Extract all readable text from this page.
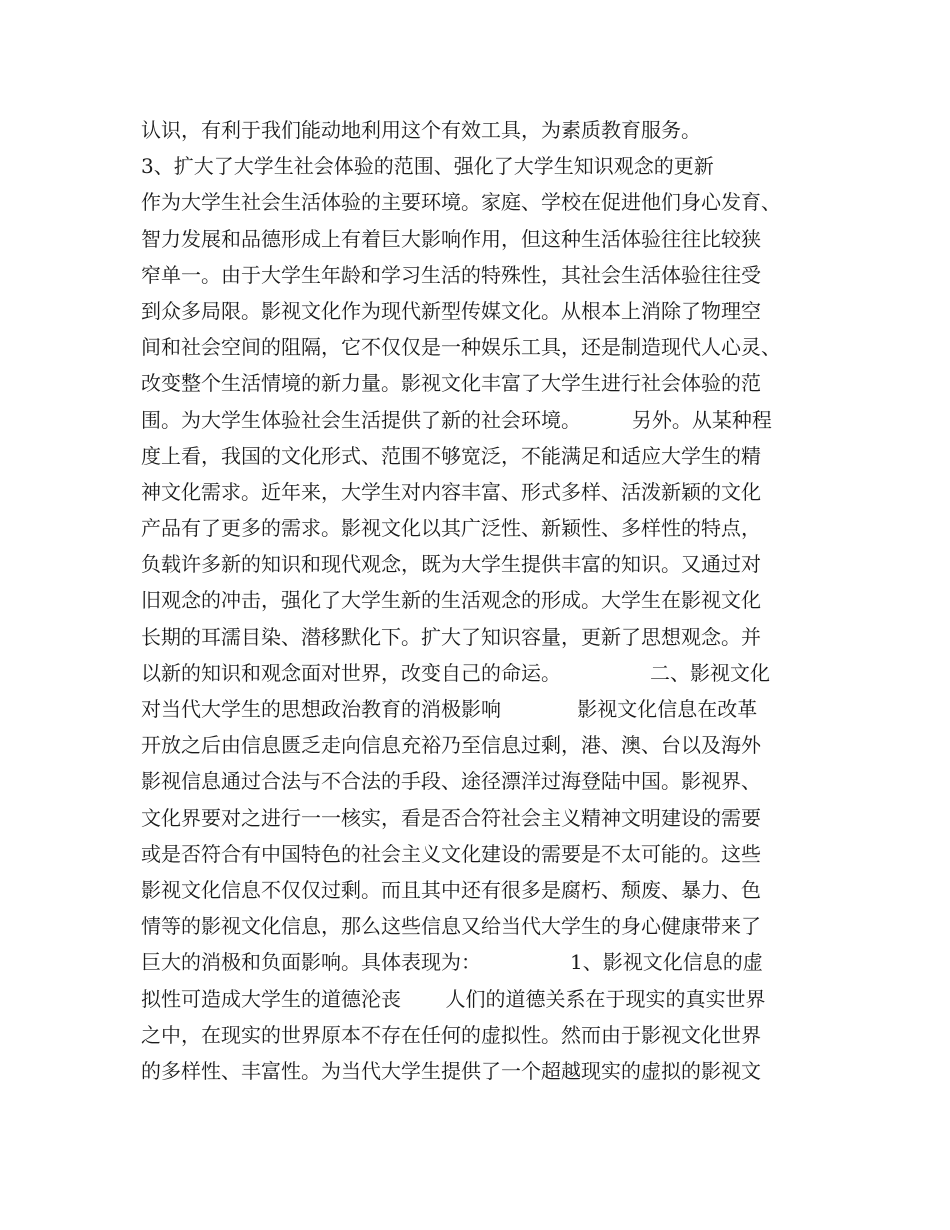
认识，有利于我们能动地利用这个有效工具，为素质教育服务。
3、扩大了大学生社会体验的范围、强化了大学生知识观念的更新
作为大学生社会生活体验的主要环境。家庭、学校在促进他们身心发育、
智力发展和品德形成上有着巨大影响作用，但这种生活体验往往比较狭
窄单一。由于大学生年龄和学习生活的特殊性，其社会生活体验往往受
到众多局限。影视文化作为现代新型传媒文化。从根本上消除了物理空
间和社会空间的阻隔，它不仅仅是一种娱乐工具，还是制造现代人心灵、
改变整个生活情境的新力量。影视文化丰富了大学生进行社会体验的范
围。为大学生体验社会生活提供了新的社会环境。        另外。从某种程
度上看，我国的文化形式、范围不够宽泛，不能满足和适应大学生的精
神文化需求。近年来，大学生对内容丰富、形式多样、活泼新颖的文化
产品有了更多的需求。影视文化以其广泛性、新颖性、多样性的特点，
负载许多新的知识和现代观念，既为大学生提供丰富的知识。又通过对
旧观念的冲击，强化了大学生新的生活观念的形成。大学生在影视文化
长期的耳濡目染、潜移默化下。扩大了知识容量，更新了思想观念。并
以新的知识和观念面对世界，改变自己的命运。              二、影视文化
对当代大学生的思想政治教育的消极影响            影视文化信息在改革
开放之后由信息匮乏走向信息充裕乃至信息过剩，港、澳、台以及海外
影视信息通过合法与不合法的手段、途径漂洋过海登陆中国。影视界、
文化界要对之进行一一核实，看是否合符社会主义精神文明建设的需要
或是否符合有中国特色的社会主义文化建设的需要是不太可能的。这些
影视文化信息不仅仅过剩。而且其中还有很多是腐朽、颓废、暴力、色
情等的影视文化信息，那么这些信息又给当代大学生的身心健康带来了
巨大的消极和负面影响。具体表现为：              1、影视文化信息的虚
拟性可造成大学生的道德沦丧       人们的道德关系在于现实的真实世界
之中，在现实的世界原本不存在任何的虚拟性。然而由于影视文化世界
的多样性、丰富性。为当代大学生提供了一个超越现实的虚拟的影视文
